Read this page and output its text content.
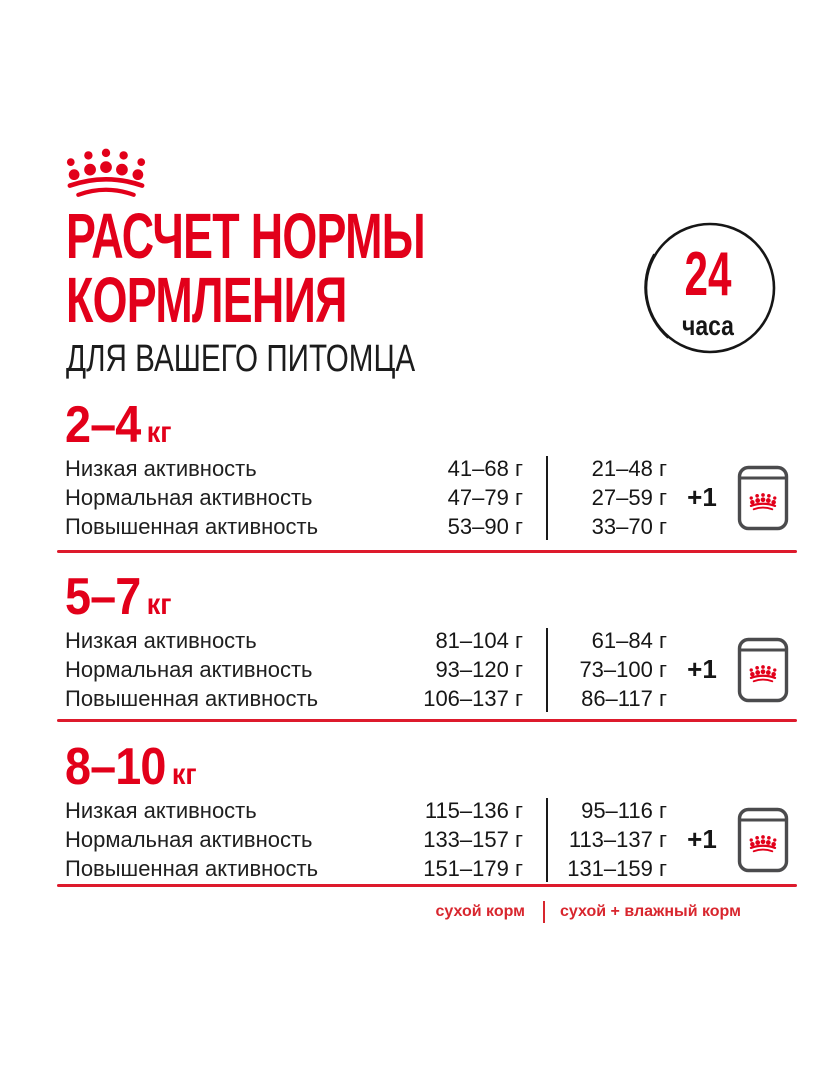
РАСЧЕТ НОРМЫ
КОРМЛЕНИЯ
ДЛЯ ВАШЕГО ПИТОМЦА
24
часа
2–4 кг
Низкая активность
Нормальная активность
Повышенная активность
41–68 г
47–79 г
53–90 г
21–48 г
27–59 г
33–70 г
+1
5–7 кг
Низкая активность
Нормальная активность
Повышенная активность
81–104 г
93–120 г
106–137 г
61–84 г
73–100 г
86–117 г
+1
8–10 кг
Низкая активность
Нормальная активность
Повышенная активность
115–136 г
133–157 г
151–179 г
95–116 г
113–137 г
131–159 г
+1
сухой корм сухой + влажный корм
